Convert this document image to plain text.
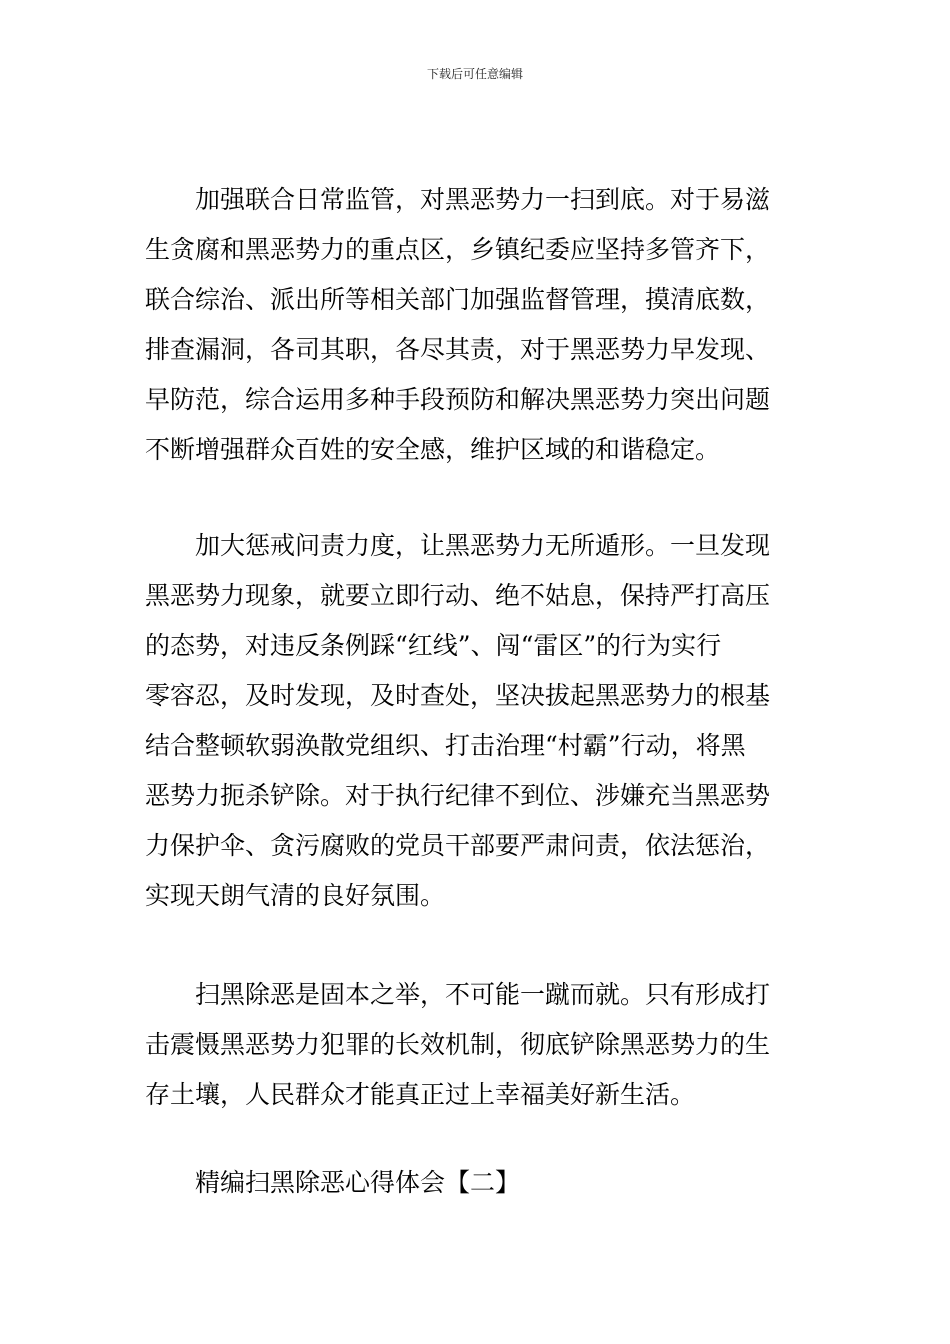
下载后可任意编辑
加强联合日常监管，对黑恶势力一扫到底。对于易滋
生贪腐和黑恶势力的重点区，乡镇纪委应坚持多管齐下，
联合综治、派出所等相关部门加强监督管理，摸清底数，
排查漏洞，各司其职，各尽其责，对于黑恶势力早发现、
早防范，综合运用多种手段预防和解决黑恶势力突出问题
不断增强群众百姓的安全感，维护区域的和谐稳定。
加大惩戒问责力度，让黑恶势力无所遁形。一旦发现
黑恶势力现象，就要立即行动、绝不姑息，保持严打高压
的态势，对违反条例踩“红线”、闯“雷区”的行为实行
零容忍，及时发现，及时查处，坚决拔起黑恶势力的根基
结合整顿软弱涣散党组织、打击治理“村霸”行动，将黑
恶势力扼杀铲除。对于执行纪律不到位、涉嫌充当黑恶势
力保护伞、贪污腐败的党员干部要严肃问责，依法惩治，
实现天朗气清的良好氛围。
扫黑除恶是固本之举，不可能一蹴而就。只有形成打
击震慑黑恶势力犯罪的长效机制，彻底铲除黑恶势力的生
存土壤，人民群众才能真正过上幸福美好新生活。
精编扫黑除恶心得体会【二】
